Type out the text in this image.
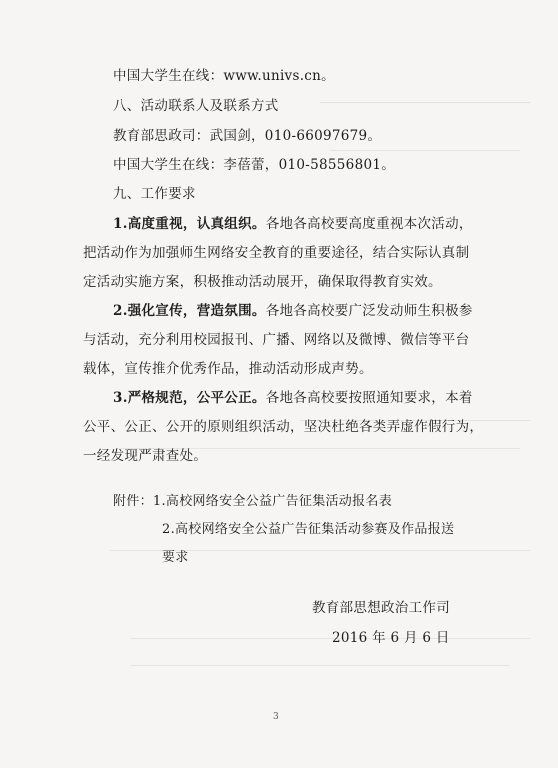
中国大学生在线：www.univs.cn。
八、活动联系人及联系方式
教育部思政司：武国剑，010-66097679。
中国大学生在线：李蓓蕾，010-58556801。
九、工作要求
1.高度重视，认真组织。各地各高校要高度重视本次活动，
把活动作为加强师生网络安全教育的重要途径，结合实际认真制
定活动实施方案，积极推动活动展开，确保取得教育实效。
2.强化宣传，营造氛围。各地各高校要广泛发动师生积极参
与活动，充分利用校园报刊、广播、网络以及微博、微信等平台
载体，宣传推介优秀作品，推动活动形成声势。
3.严格规范，公平公正。各地各高校要按照通知要求，本着
公平、公正、公开的原则组织活动，坚决杜绝各类弄虚作假行为，
一经发现严肃查处。
附件：1.高校网络安全公益广告征集活动报名表
2.高校网络安全公益广告征集活动参赛及作品报送
要求
教育部思想政治工作司
2016 年 6 月 6 日
3
